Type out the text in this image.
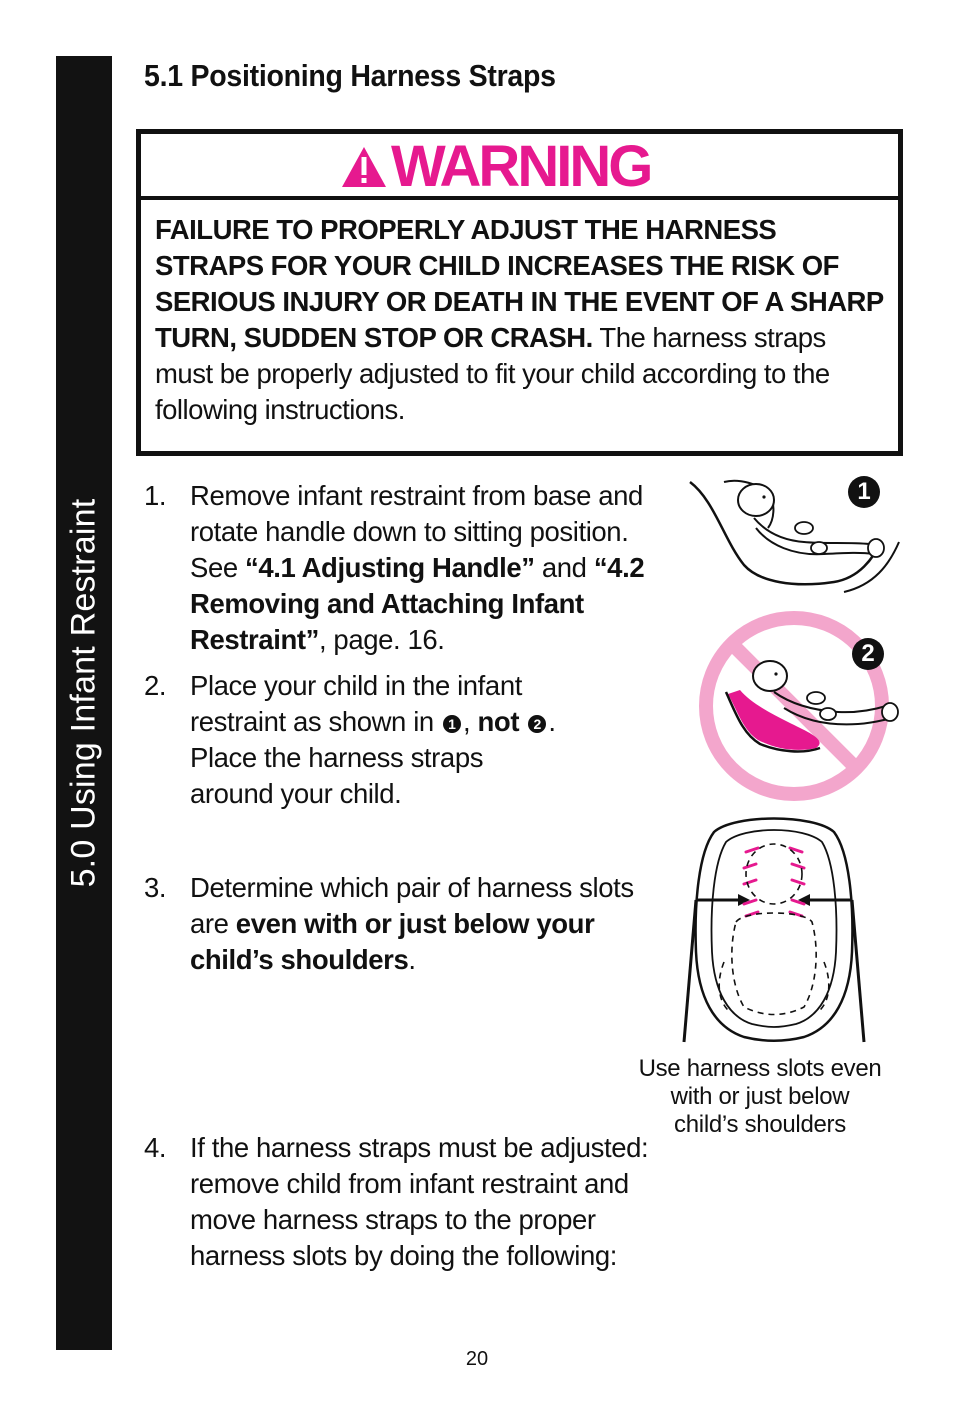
5.0 Using Infant Restraint
5.1 Positioning Harness Straps
WARNING
FAILURE TO PROPERLY ADJUST THE HARNESS STRAPS FOR YOUR CHILD INCREASES THE RISK OF SERIOUS INJURY OR DEATH IN THE EVENT OF A SHARP TURN, SUDDEN STOP OR CRASH. The harness straps must be properly adjusted to fit your child according to the following instructions.
1. Remove infant restraint from base and rotate handle down to sitting position. See “4.1 Adjusting Handle” and “4.2 Removing and Attaching Infant Restraint”, page. 16.
2. Place your child in the infant restraint as shown in 1 , not 2 . Place the harness straps around your child.
3. Determine which pair of harness slots are even with or just below your child’s shoulders.
4. If the harness straps must be adjusted: remove child from infant restraint and move harness straps to the proper harness slots by doing the following:
1
2
Use harness slots even with or just below child’s shoulders
20
